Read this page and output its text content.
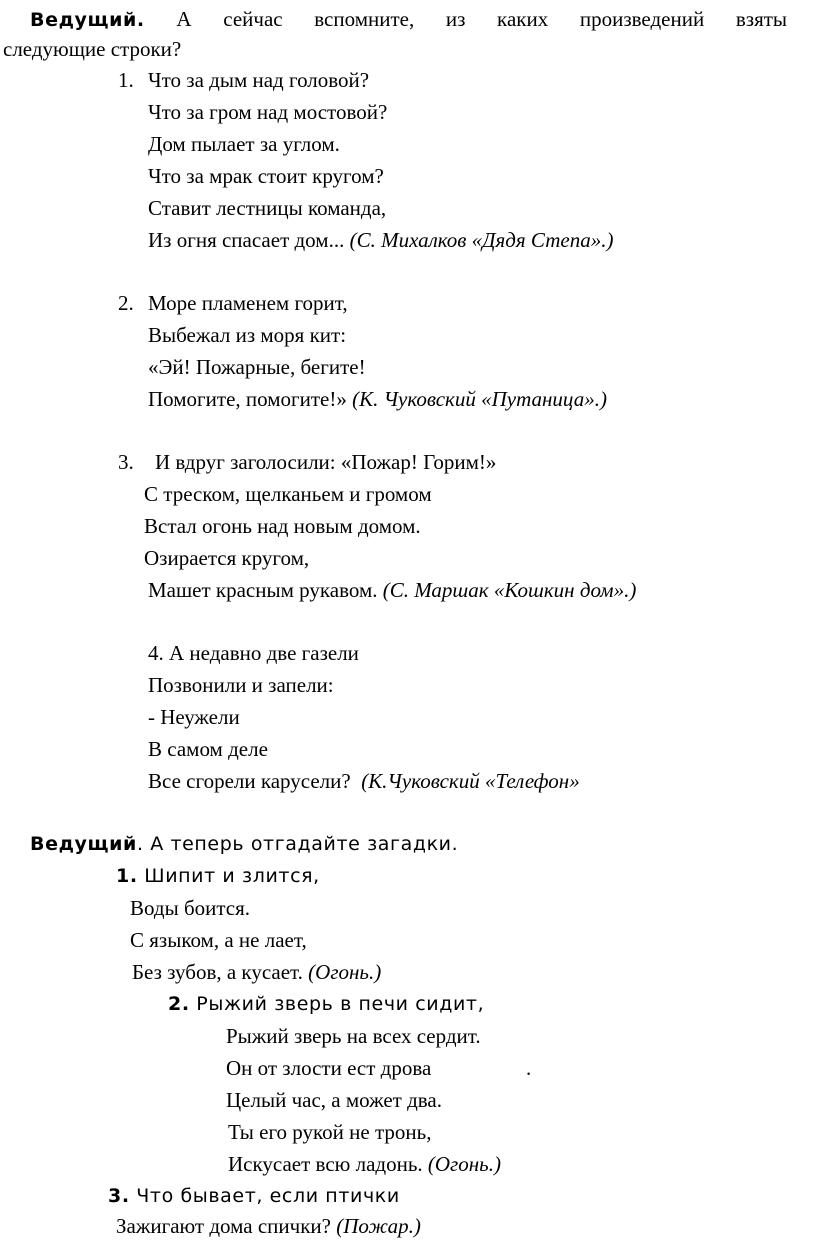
Ведущий. А сейчас вспомните, из каких произведений взяты
следующие строки?
1. Что за дым над головой?
Что за гром над мостовой?
Дом пылает за углом.
Что за мрак стоит кругом?
Ставит лестницы команда,
Из огня спасает дом... (С. Михалков «Дядя Степа».)
2. Море пламенем горит,
Выбежал из моря кит:
«Эй! Пожарные, бегите!
Помогите, помогите!» (К. Чуковский «Путаница».)
3. И вдруг заголосили: «Пожар! Горим!»
С треском, щелканьем и громом
Встал огонь над новым домом.
Озирается кругом,
Машет красным рукавом. (С. Маршак «Кошкин дом».)
4. А недавно две газели
Позвонили и запели:
- Неужели
В самом деле
Все сгорели карусели? (К.Чуковский «Телефон»
Ведущий. А теперь отгадайте загадки.
1. Шипит и злится,
Воды боится.
С языком, а не лает,
Без зубов, а кусает. (Огонь.)
2. Рыжий зверь в печи сидит,
Рыжий зверь на всех сердит.
Он от злости ест дрова	.
Целый час, а может два.
Ты его рукой не тронь,
Искусает всю ладонь. (Огонь.)
3. Что бывает, если птички
Зажигают дома спички? (Пожар.)
